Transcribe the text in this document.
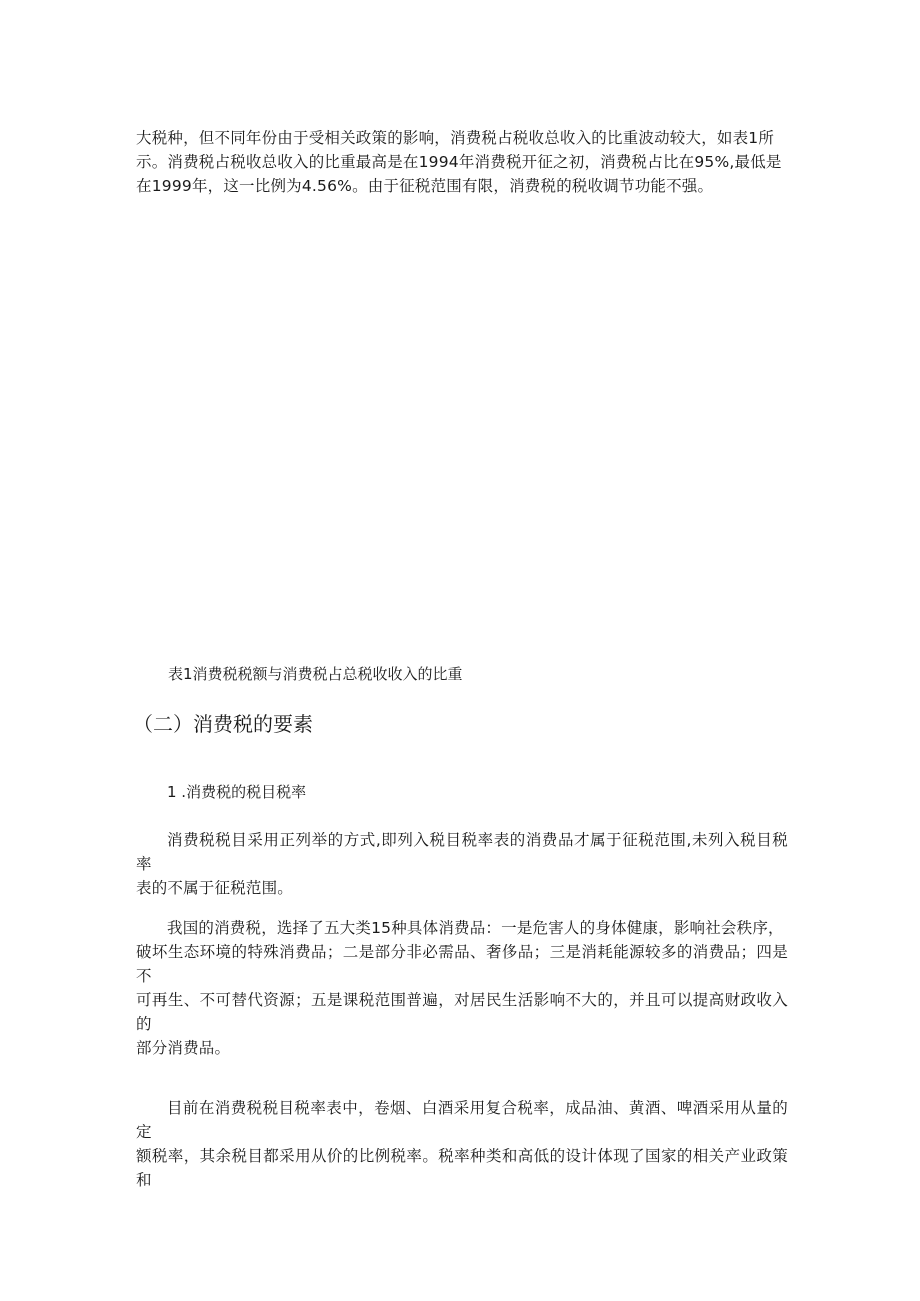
大税种，但不同年份由于受相关政策的影响，消费税占税收总收入的比重波动较大，如表1所
示。消费税占税收总收入的比重最高是在1994年消费税开征之初，消费税占比在95%,最低是
在1999年，这一比例为4.56%。由于征税范围有限，消费税的税收调节功能不强。

表1消费税税额与消费税占总税收收入的比重

（二）消费税的要素

1 .消费税的税目税率

消费税税目采用正列举的方式,即列入税目税率表的消费品才属于征税范围,未列入税目税率
表的不属于征税范围。

我国的消费税，选择了五大类15种具体消费品：一是危害人的身体健康，影响社会秩序，
破坏生态环境的特殊消费品；二是部分非必需品、奢侈品；三是消耗能源较多的消费品；四是不
可再生、不可替代资源；五是课税范围普遍，对居民生活影响不大的，并且可以提高财政收入的
部分消费品。

目前在消费税税目税率表中，卷烟、白酒采用复合税率，成品油、黄酒、啤酒采用从量的定
额税率，其余税目都采用从价的比例税率。税率种类和高低的设计体现了国家的相关产业政策和
